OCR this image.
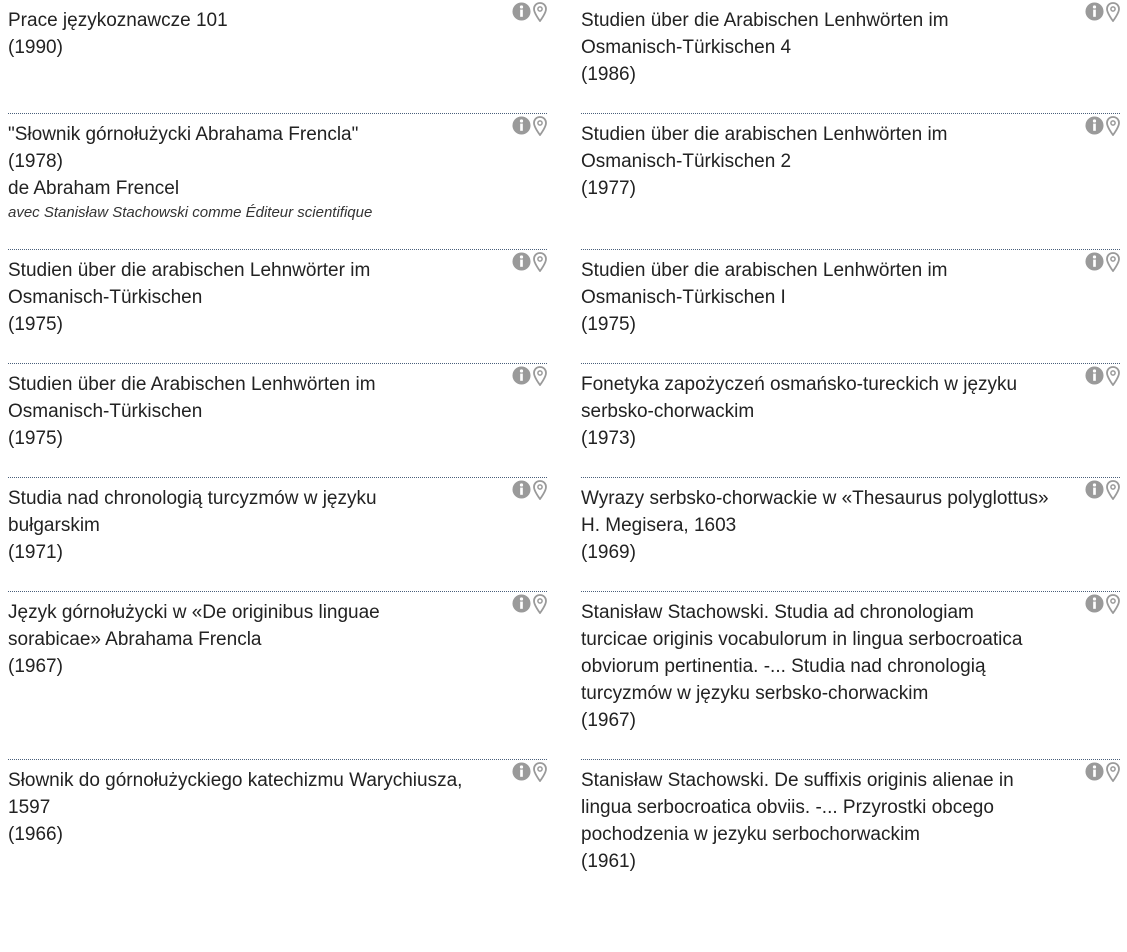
Prace językoznawcze 101
(1990)
Studien über die Arabischen Lenhwörten im
Osmanisch-Türkischen 4
(1986)
"Słownik górnołużycki Abrahama Frencla"
(1978)
de Abraham Frencel
avec Stanisław Stachowski comme Éditeur scientifique
Studien über die arabischen Lenhwörten im
Osmanisch-Türkischen 2
(1977)
Studien über die arabischen Lehnwörter im
Osmanisch-Türkischen
(1975)
Studien über die arabischen Lenhwörten im
Osmanisch-Türkischen I
(1975)
Studien über die Arabischen Lenhwörten im
Osmanisch-Türkischen
(1975)
Fonetyka zapożyczeń osmańsko-tureckich w języku
serbsko-chorwackim
(1973)
Studia nad chronologią turcyzmów w języku
bułgarskim
(1971)
Wyrazy serbsko-chorwackie w «Thesaurus polyglottus»
H. Megisera, 1603
(1969)
Język górnołużycki w «De originibus linguae
sorabicae» Abrahama Frencla
(1967)
Stanisław Stachowski. Studia ad chronologiam
turcicae originis vocabulorum in lingua serbocroatica
obviorum pertinentia. -... Studia nad chronologią
turcyzmów w języku serbsko-chorwackim
(1967)
Słownik do górnołużyckiego katechizmu Warychiusza,
1597
(1966)
Stanisław Stachowski. De suffixis originis alienae in
lingua serbocroatica obviis. -... Przyrostki obcego
pochodzenia w jezyku serbochorwackim
(1961)
